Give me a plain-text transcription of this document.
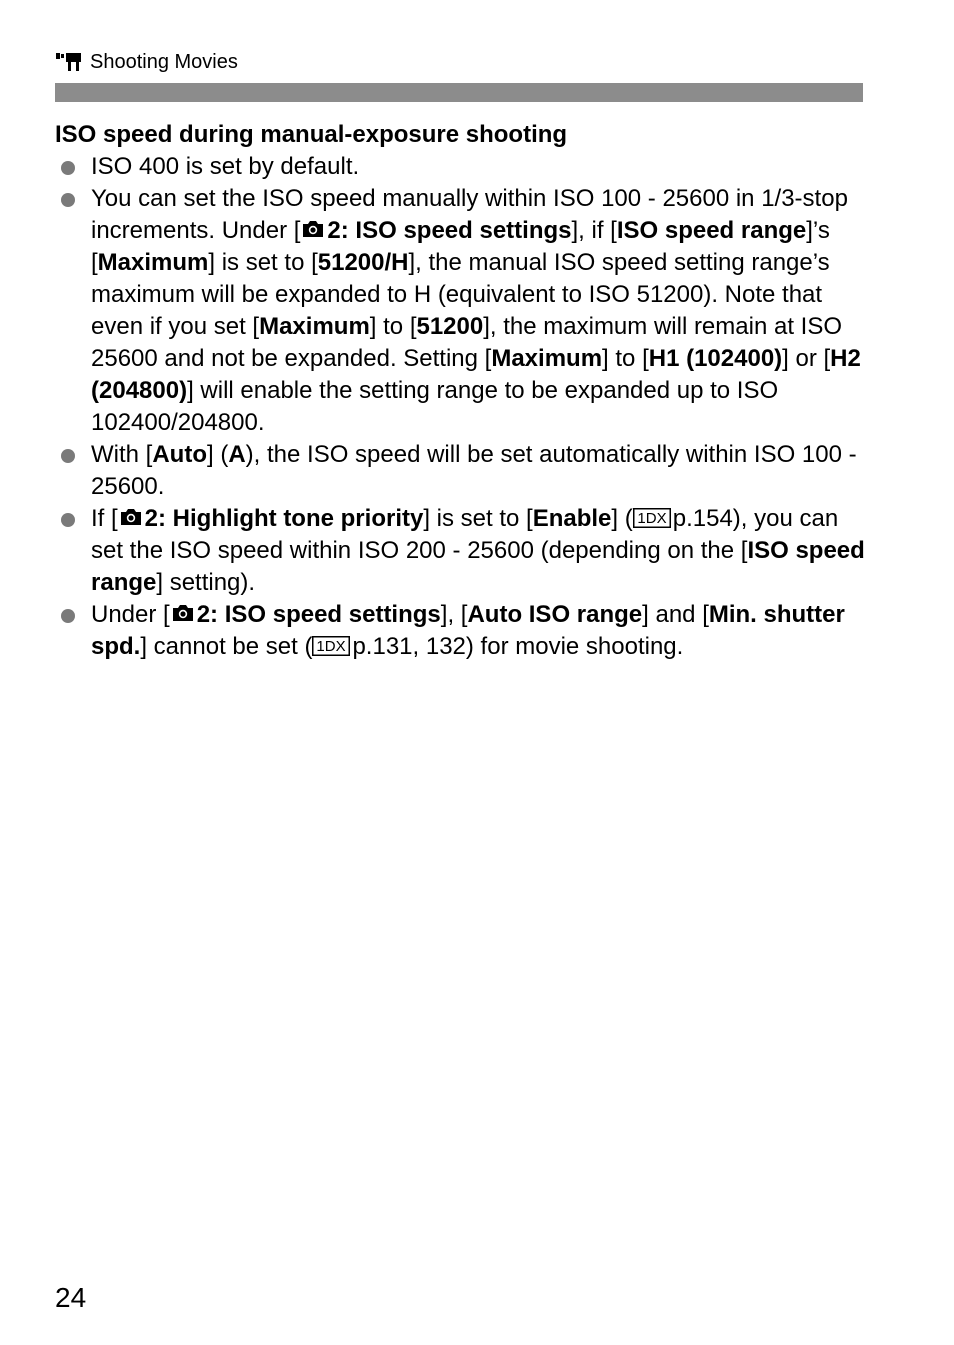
Shooting Movies
ISO speed during manual-exposure shooting
ISO 400 is set by default.
You can set the ISO speed manually within ISO 100 - 25600 in 1/3-stop increments. Under [ 2: ISO speed settings], if [ISO speed range]’s [Maximum] is set to [51200/H], the manual ISO speed setting range’s maximum will be expanded to H (equivalent to ISO 51200). Note that even if you set [Maximum] to [51200], the maximum will remain at ISO 25600 and not be expanded. Setting [Maximum] to [H1 (102400)] or [H2 (204800)] will enable the setting range to be expanded up to ISO 102400/204800.
With [Auto] (A), the ISO speed will be set automatically within ISO 100 - 25600.
If [ 2: Highlight tone priority] is set to [Enable] ( 1DX p.154), you can set the ISO speed within ISO 200 - 25600 (depending on the [ISO speed range] setting).
Under [ 2: ISO speed settings], [Auto ISO range] and [Min. shutter spd.] cannot be set ( 1DX p.131, 132) for movie shooting.
24
